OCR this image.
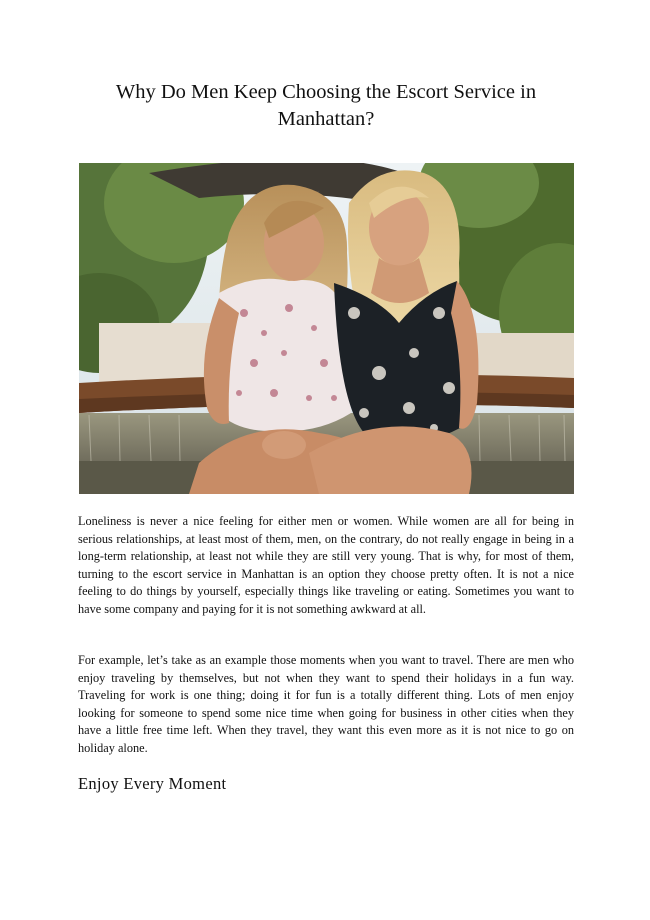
Why Do Men Keep Choosing the Escort Service in Manhattan?

Loneliness is never a nice feeling for either men or women. While women are all for being in serious relationships, at least most of them, men, on the contrary, do not really engage in being in a long-term relationship, at least not while they are still very young. That is why, for most of them, turning to the escort service in Manhattan is an option they choose pretty often. It is not a nice feeling to do things by yourself, especially things like traveling or eating. Sometimes you want to have some company and paying for it is not something awkward at all.

For example, let’s take as an example those moments when you want to travel. There are men who enjoy traveling by themselves, but not when they want to spend their holidays in a fun way. Traveling for work is one thing; doing it for fun is a totally different thing. Lots of men enjoy looking for someone to spend some nice time when going for business in other cities when they have a little free time left. When they travel, they want this even more as it is not nice to go on holiday alone.

Enjoy Every Moment
